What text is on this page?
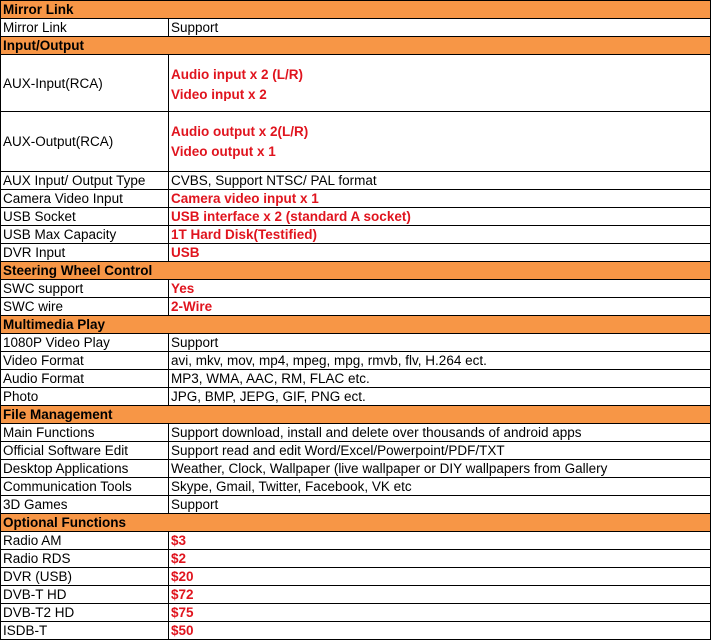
Mirror Link	
Mirror Link	Support
Input/Output	
AUX-Input(RCA)	Audio input x 2 (L/R)
Video input x 2

AUX-Output(RCA)	Audio output x 2(L/R)
Video output x 1

AUX Input/ Output Type	CVBS, Support NTSC/ PAL format
Camera Video Input	Camera video input x 1
USB Socket	USB interface x 2 (standard A socket)
USB Max Capacity	1T Hard Disk(Testified)
DVR Input	USB
Steering Wheel Control	
SWC support	Yes
SWC wire	2-Wire
Multimedia Play	
1080P Video Play	Support
Video Format	avi, mkv, mov, mp4, mpeg, mpg, rmvb, flv, H.264 ect.
Audio Format	MP3, WMA, AAC, RM, FLAC etc.
Photo	JPG, BMP, JEPG, GIF, PNG ect.
File Management	
Main Functions	Support download, install and delete over thousands of android apps
Official Software Edit	Support read and edit Word/Excel/Powerpoint/PDF/TXT
Desktop Applications	Weather, Clock, Wallpaper (live wallpaper or DIY wallpapers from Gallery
Communication Tools	Skype, Gmail, Twitter, Facebook, VK etc
3D Games	Support
Optional Functions	
Radio AM	$3
Radio RDS	$2
DVR (USB)	$20
DVB-T HD	$72
DVB-T2 HD	$75
ISDB-T	$50
